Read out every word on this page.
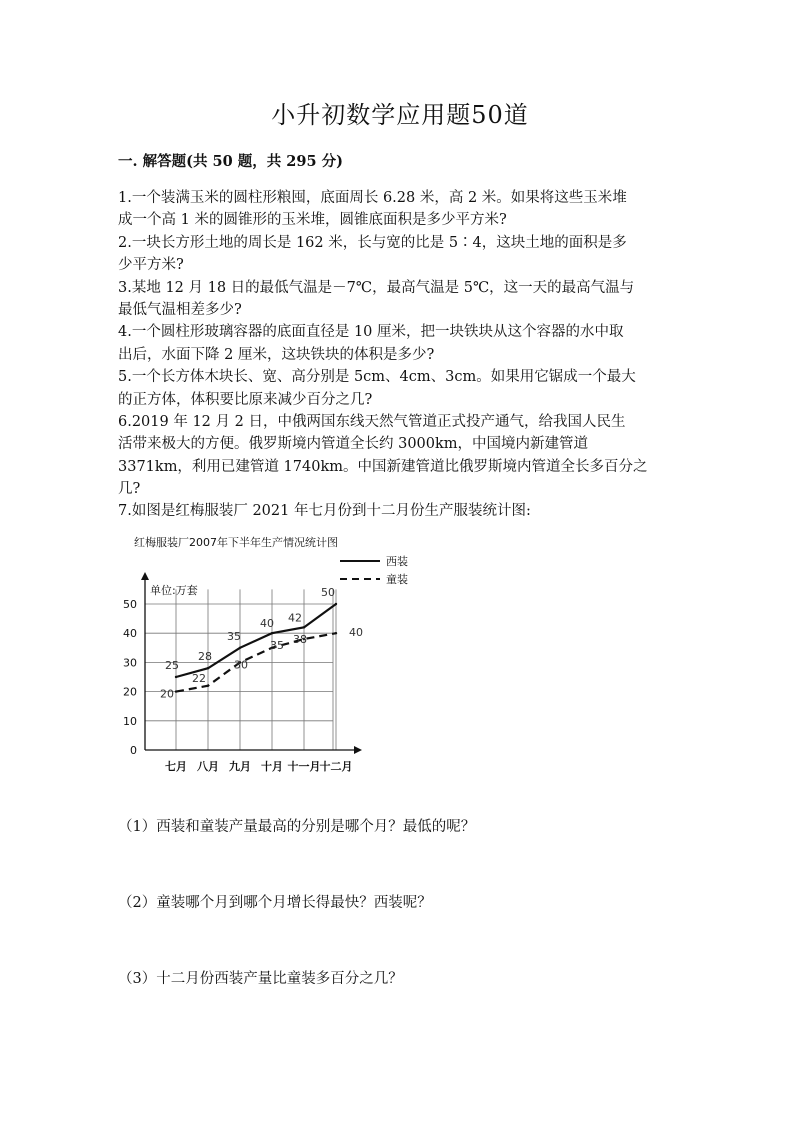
小升初数学应用题50道
一. 解答题(共 50 题，共 295 分)
1.一个装满玉米的圆柱形粮囤，底面周长 6.28 米，高 2 米。如果将这些玉米堆
成一个高 1 米的圆锥形的玉米堆，圆锥底面积是多少平方米?
2.一块长方形土地的周长是 162 米，长与宽的比是 5∶4，这块土地的面积是多
少平方米?
3.某地 12 月 18 日的最低气温是－7℃，最高气温是 5℃，这一天的最高气温与
最低气温相差多少?
4.一个圆柱形玻璃容器的底面直径是 10 厘米，把一块铁块从这个容器的水中取
出后，水面下降 2 厘米，这块铁块的体积是多少?
5.一个长方体木块长、宽、高分别是 5cm、4cm、3cm。如果用它锯成一个最大
的正方体，体积要比原来减少百分之几?
6.2019 年 12 月 2 日，中俄两国东线天然气管道正式投产通气，给我国人民生
活带来极大的方便。俄罗斯境内管道全长约 3000km，中国境内新建管道
3371km，利用已建管道 1740km。中国新建管道比俄罗斯境内管道全长多百分之
几?
7.如图是红梅服装厂 2021 年七月份到十二月份生产服装统计图:
红梅服装厂2007年下半年生产情况统计图
单位:万套
0
10
20
30
40
50
七月 八月 九月 十月 十一月 十二月
西装
童装
25
28
35
40 42
50
20
22
30
35 38
40
（1）西装和童装产量最高的分别是哪个月？最低的呢？
（2）童装哪个月到哪个月增长得最快？西装呢？
（3）十二月份西装产量比童装多百分之几？
